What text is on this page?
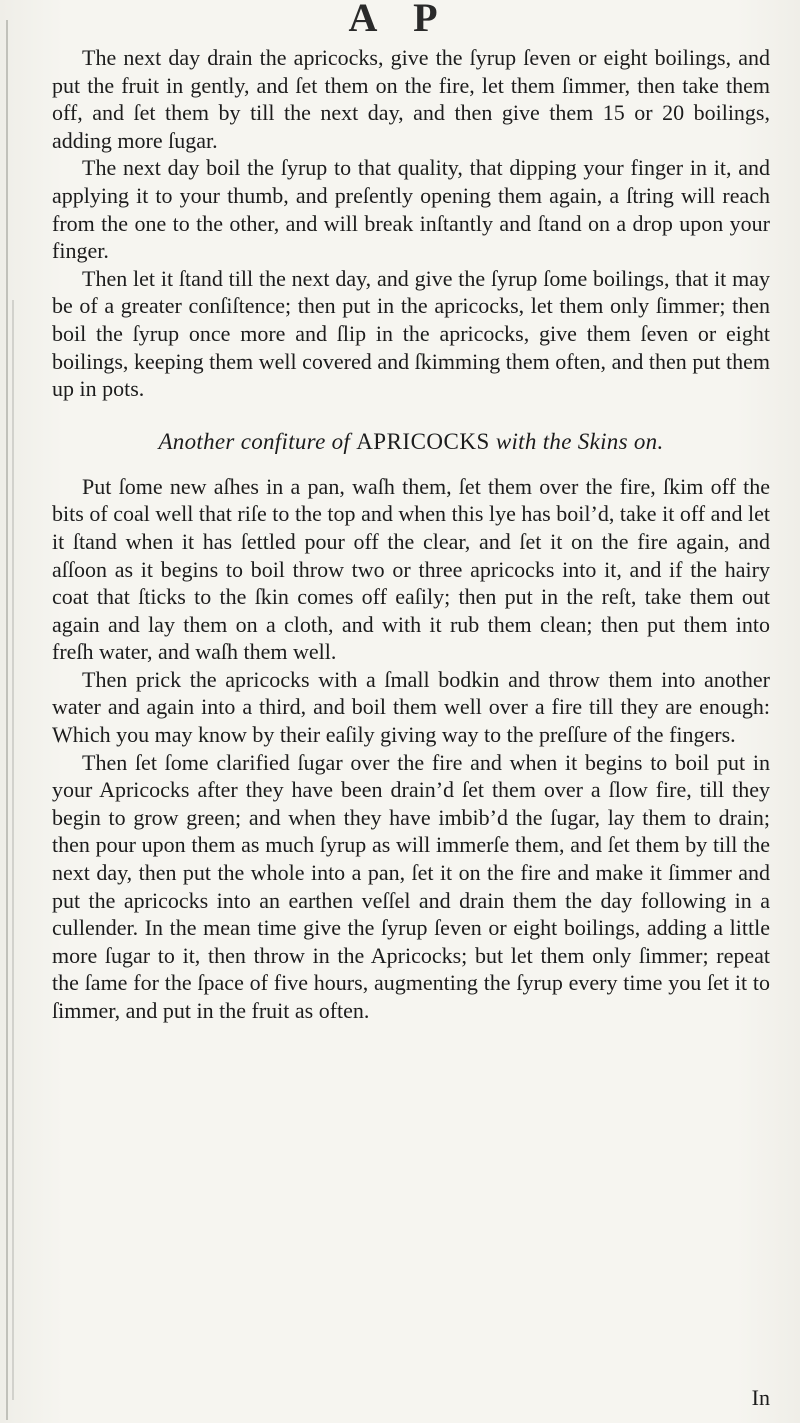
A P

The next day drain the apricocks, give the ſyrup ſeven or eight boilings, and put the fruit in gently, and ſet them on the fire, let them ſimmer, then take them off, and ſet them by till the next day, and then give them 15 or 20 boilings, adding more ſugar.

The next day boil the ſyrup to that quality, that dipping your finger in it, and applying it to your thumb, and preſently opening them again, a ſtring will reach from the one to the other, and will break inſtantly and ſtand on a drop upon your finger.

Then let it ſtand till the next day, and give the ſyrup ſome boilings, that it may be of a greater conſiſtence; then put in the apricocks, let them only ſimmer; then boil the ſyrup once more and ſlip in the apricocks, give them ſeven or eight boilings, keeping them well covered and ſkimming them often, and then put them up in pots.

Another confiture of APRICOCKS with the Skins on.

Put ſome new aſhes in a pan, waſh them, ſet them over the fire, ſkim off the bits of coal well that riſe to the top and when this lye has boil’d, take it off and let it ſtand when it has ſettled pour off the clear, and ſet it on the fire again, and aſſoon as it begins to boil throw two or three apricocks into it, and if the hairy coat that ſticks to the ſkin comes off eaſily; then put in the reſt, take them out again and lay them on a cloth, and with it rub them clean; then put them into freſh water, and waſh them well.

Then prick the apricocks with a ſmall bodkin and throw them into another water and again into a third, and boil them well over a fire till they are enough: Which you may know by their eaſily giving way to the preſſure of the fingers.

Then ſet ſome clarified ſugar over the fire and when it begins to boil put in your Apricocks after they have been drain’d ſet them over a ſlow fire, till they begin to grow green; and when they have imbib’d the ſugar, lay them to drain; then pour upon them as much ſyrup as will immerſe them, and ſet them by till the next day, then put the whole into a pan, ſet it on the fire and make it ſimmer and put the apricocks into an earthen veſſel and drain them the day following in a cullender. In the mean time give the ſyrup ſeven or eight boilings, adding a little more ſugar to it, then throw in the Apricocks; but let them only ſimmer; repeat the ſame for the ſpace of five hours, augmenting the ſyrup every time you ſet it to ſimmer, and put in the fruit as often.

In
